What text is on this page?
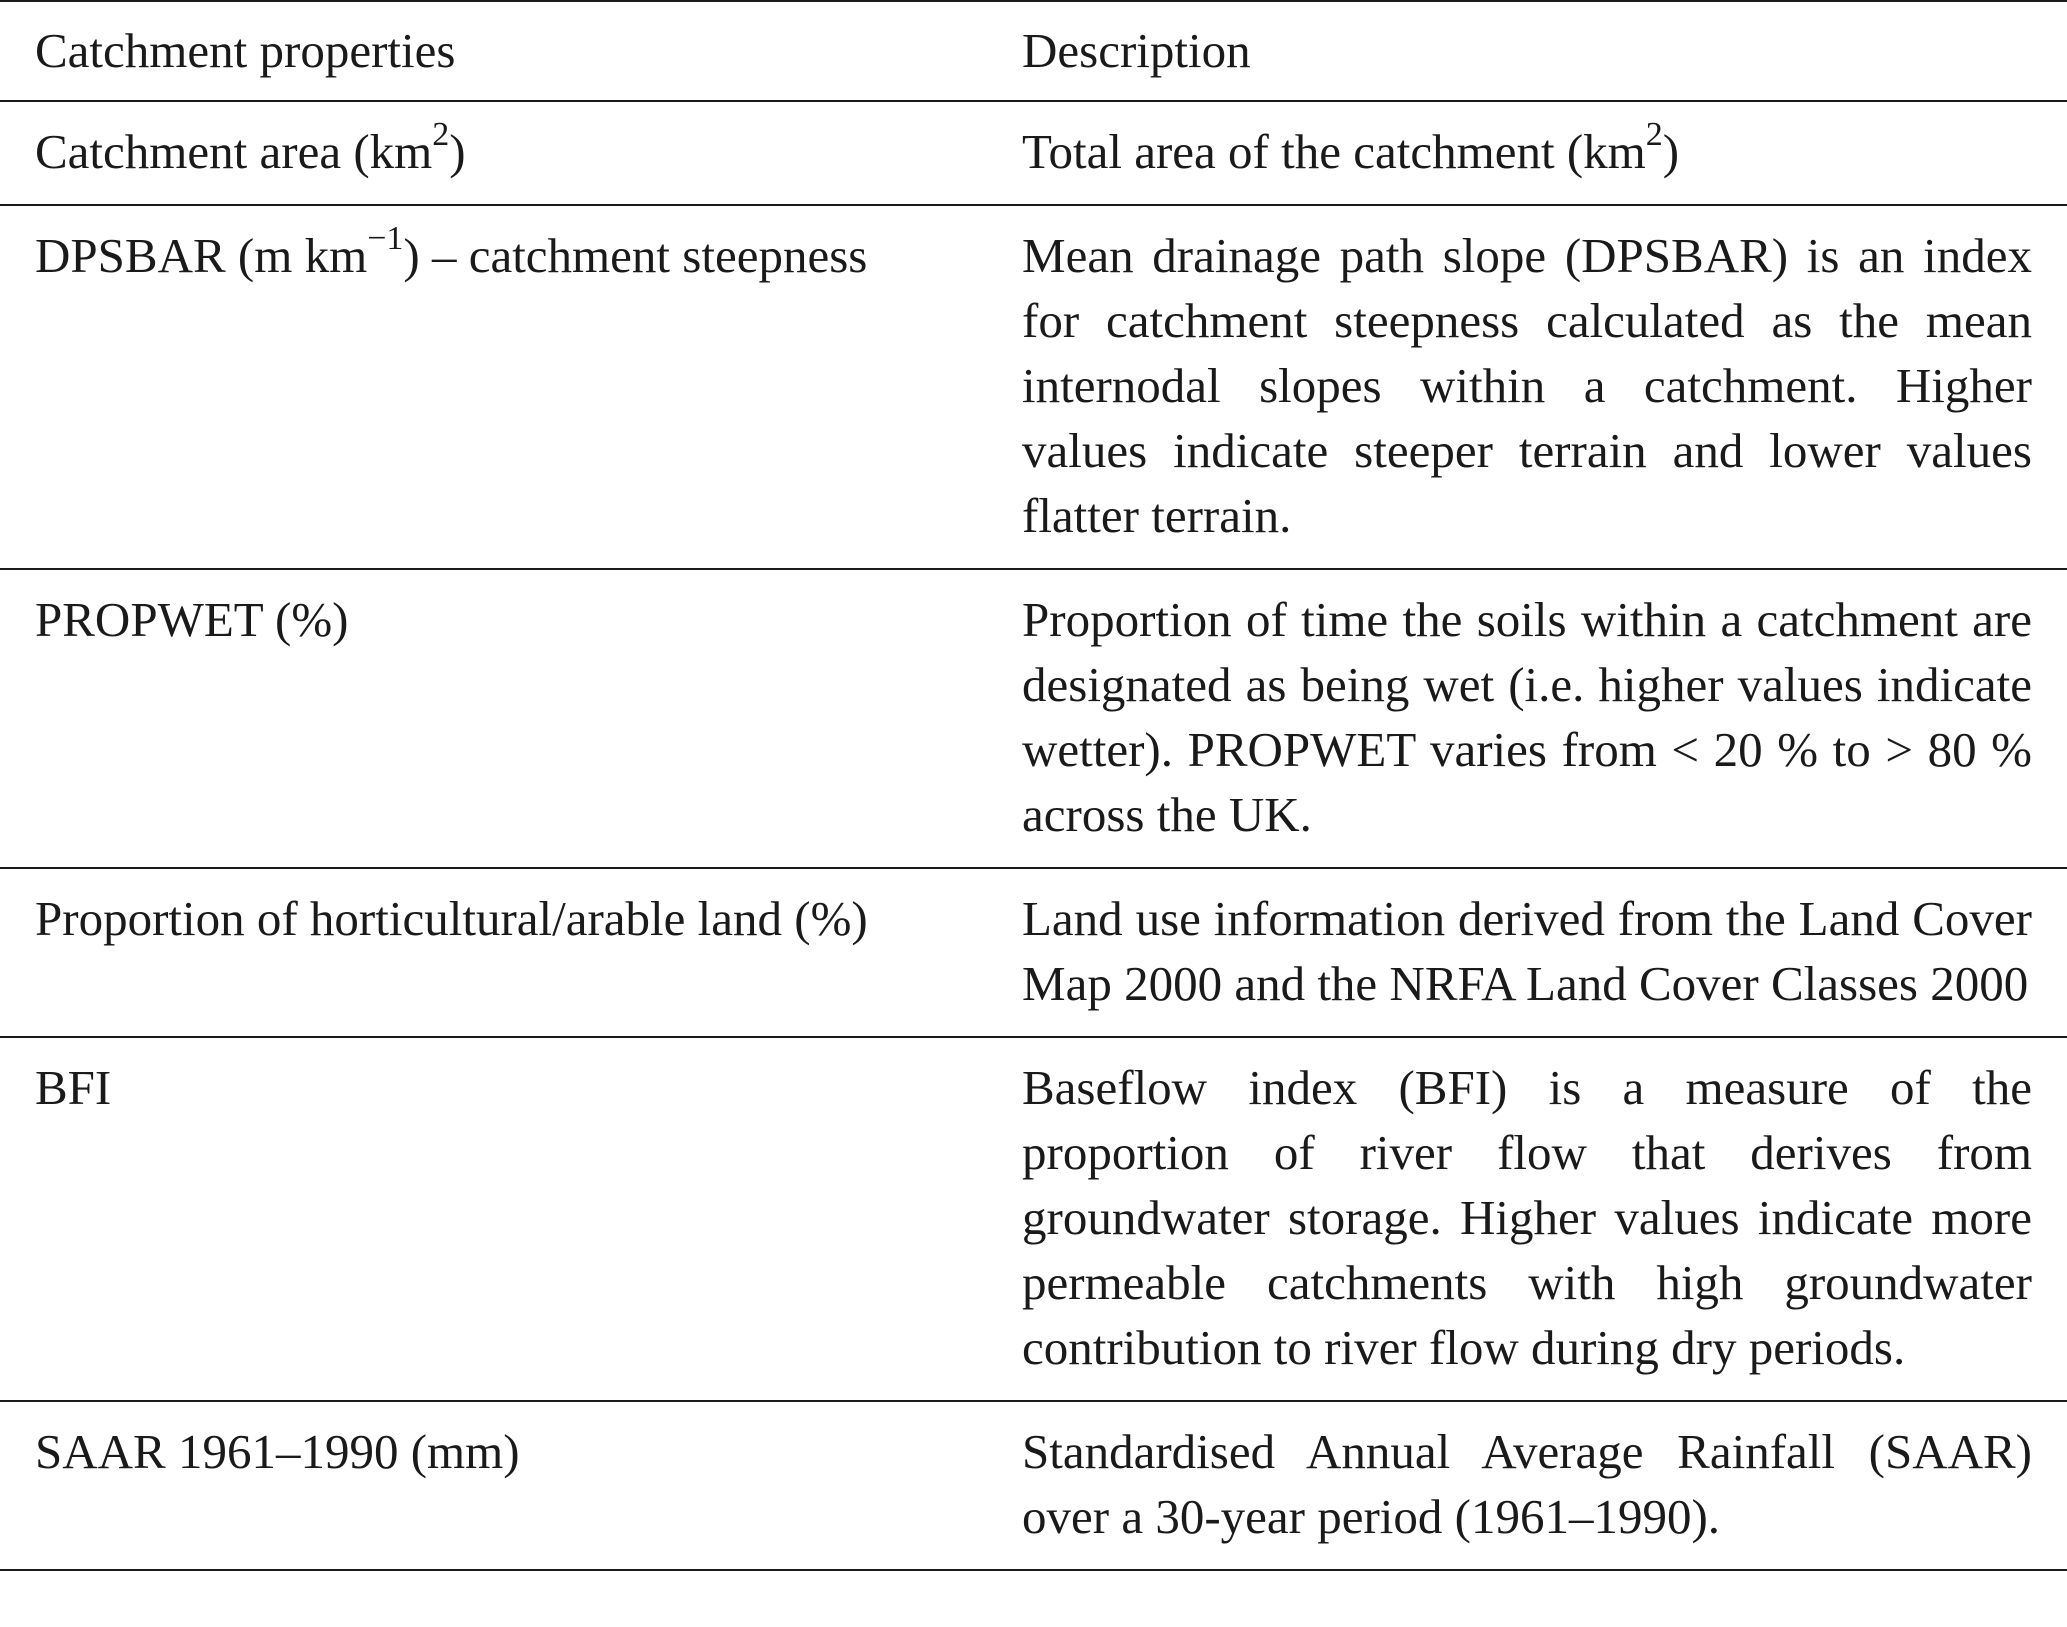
Catchment properties	Description
Catchment area $(km^2)$	Total area of the catchment $(km^2)$

DPSBAR (m $km^{-1}$) – catchment steepness	Mean drainage path slope (DPSBAR) is an index for catchment steepness calculated as the mean internodal slopes within a catchment. Higher values indicate steeper terrain and lower values flatter terrain.

PROPWET (%)	Proportion of time the soils within a catchment are designated as being wet (i.e. higher values indicate wetter). PROPWET varies from < 20 % to > 80 % across the UK.

Proportion of horticultural/arable land (%)	Land use information derived from the Land Cover Map 2000 and the NRFA Land Cover Classes 2000

BFI	Baseflow index (BFI) is a measure of the proportion of river flow that derives from groundwater storage. Higher values indicate more permeable catchments with high groundwater contribution to river flow during dry periods.

SAAR 1961–1990 (mm)	Standardised Annual Average Rainfall (SAAR) over a 30-year period (1961–1990).
